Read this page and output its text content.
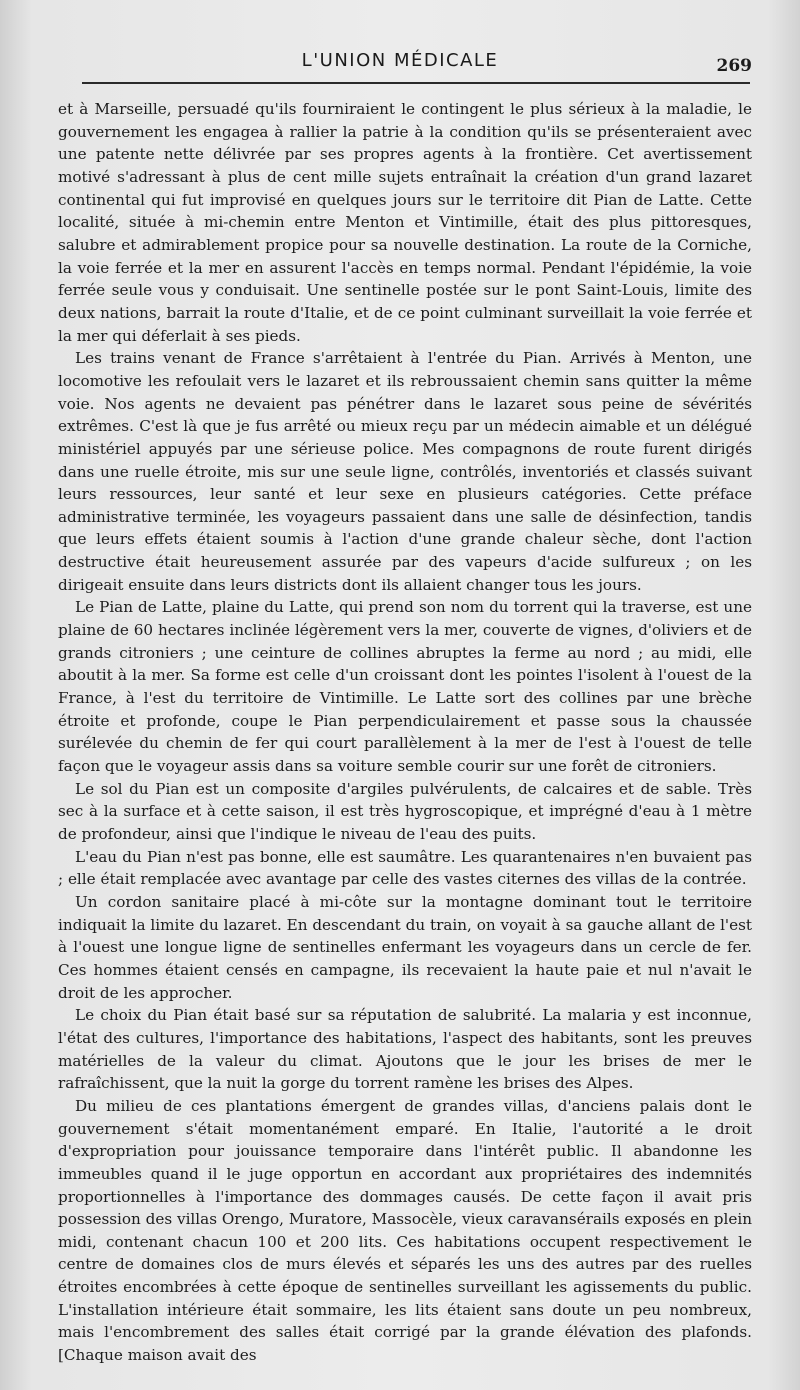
L'UNION MÉDICALE	269

et à Marseille, persuadé qu'ils fourniraient le contingent le plus sérieux à la maladie, le gouvernement les engagea à rallier la patrie à la condition qu'ils se présenteraient avec une patente nette délivrée par ses propres agents à la frontière. Cet avertissement motivé s'adressant à plus de cent mille sujets entraînait la création d'un grand lazaret continental qui fut improvisé en quelques jours sur le territoire dit Pian de Latte. Cette localité, située à mi-chemin entre Menton et Vintimille, était des plus pittoresques, salubre et admirablement propice pour sa nouvelle destination. La route de la Corniche, la voie ferrée et la mer en assurent l'accès en temps normal. Pendant l'épidémie, la voie ferrée seule vous y conduisait. Une sentinelle postée sur le pont Saint-Louis, limite des deux nations, barrait la route d'Italie, et de ce point culminant surveillait la voie ferrée et la mer qui déferlait à ses pieds.

Les trains venant de France s'arrêtaient à l'entrée du Pian. Arrivés à Menton, une locomotive les refoulait vers le lazaret et ils rebroussaient chemin sans quitter la même voie. Nos agents ne devaient pas pénétrer dans le lazaret sous peine de sévérités extrêmes. C'est là que je fus arrêté ou mieux reçu par un médecin aimable et un délégué ministériel appuyés par une sérieuse police. Mes compagnons de route furent dirigés dans une ruelle étroite, mis sur une seule ligne, contrôlés, inventoriés et classés suivant leurs ressources, leur santé et leur sexe en plusieurs catégories. Cette préface administrative terminée, les voyageurs passaient dans une salle de désinfection, tandis que leurs effets étaient soumis à l'action d'une grande chaleur sèche, dont l'action destructive était heureusement assurée par des vapeurs d'acide sulfureux ; on les dirigeait ensuite dans leurs districts dont ils allaient changer tous les jours.

Le Pian de Latte, plaine du Latte, qui prend son nom du torrent qui la traverse, est une plaine de 60 hectares inclinée légèrement vers la mer, couverte de vignes, d'oliviers et de grands citroniers ; une ceinture de collines abruptes la ferme au nord ; au midi, elle aboutit à la mer. Sa forme est celle d'un croissant dont les pointes l'isolent à l'ouest de la France, à l'est du territoire de Vintimille. Le Latte sort des collines par une brèche étroite et profonde, coupe le Pian perpendiculairement et passe sous la chaussée surélevée du chemin de fer qui court parallèlement à la mer de l'est à l'ouest de telle façon que le voyageur assis dans sa voiture semble courir sur une forêt de citroniers.

Le sol du Pian est un composite d'argiles pulvérulents, de calcaires et de sable. Très sec à la surface et à cette saison, il est très hygroscopique, et imprégné d'eau à 1 mètre de profondeur, ainsi que l'indique le niveau de l'eau des puits.

L'eau du Pian n'est pas bonne, elle est saumâtre. Les quarantenaires n'en buvaient pas ; elle était remplacée avec avantage par celle des vastes citernes des villas de la contrée.

Un cordon sanitaire placé à mi-côte sur la montagne dominant tout le territoire indiquait la limite du lazaret. En descendant du train, on voyait à sa gauche allant de l'est à l'ouest une longue ligne de sentinelles enfermant les voyageurs dans un cercle de fer. Ces hommes étaient censés en campagne, ils recevaient la haute paie et nul n'avait le droit de les approcher.

Le choix du Pian était basé sur sa réputation de salubrité. La malaria y est inconnue, l'état des cultures, l'importance des habitations, l'aspect des habitants, sont les preuves matérielles de la valeur du climat. Ajoutons que le jour les brises de mer le rafraîchissent, que la nuit la gorge du torrent ramène les brises des Alpes.

Du milieu de ces plantations émergent de grandes villas, d'anciens palais dont le gouvernement s'était momentanément emparé. En Italie, l'autorité a le droit d'expropriation pour jouissance temporaire dans l'intérêt public. Il abandonne les immeubles quand il le juge opportun en accordant aux propriétaires des indemnités proportionnelles à l'importance des dommages causés. De cette façon il avait pris possession des villas Orengo, Muratore, Massocèle, vieux caravansérails exposés en plein midi, contenant chacun 100 et 200 lits. Ces habitations occupent respectivement le centre de domaines clos de murs élevés et séparés les uns des autres par des ruelles étroites encombrées à cette époque de sentinelles surveillant les agissements du public. L'installation intérieure était sommaire, les lits étaient sans doute un peu nombreux, mais l'encombrement des salles était corrigé par la grande élévation des plafonds. [Chaque maison avait des
